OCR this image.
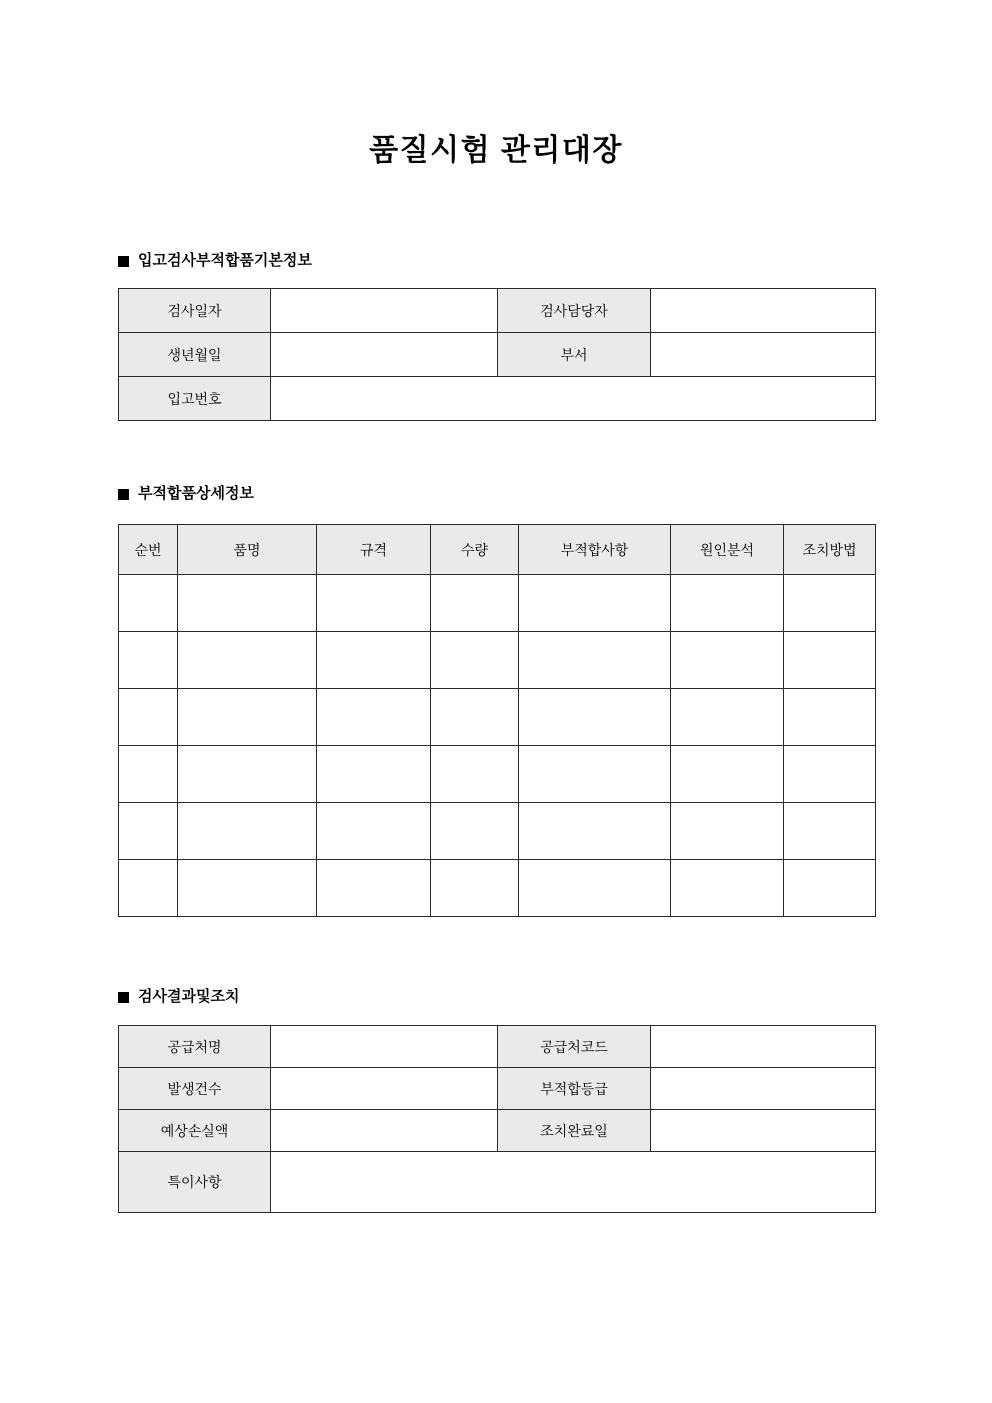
품질시험 관리대장
입고검사부적합품기본정보
검사일자		검사담당자	
생년월일		부서	
입고번호			
부적합품상세정보
순번	품명	규격	수량	부적합사항	원인분석	조치방법

검사결과및조치
공급처명		공급처코드	
발생건수		부적합등급	
예상손실액		조치완료일	
특이사항			
